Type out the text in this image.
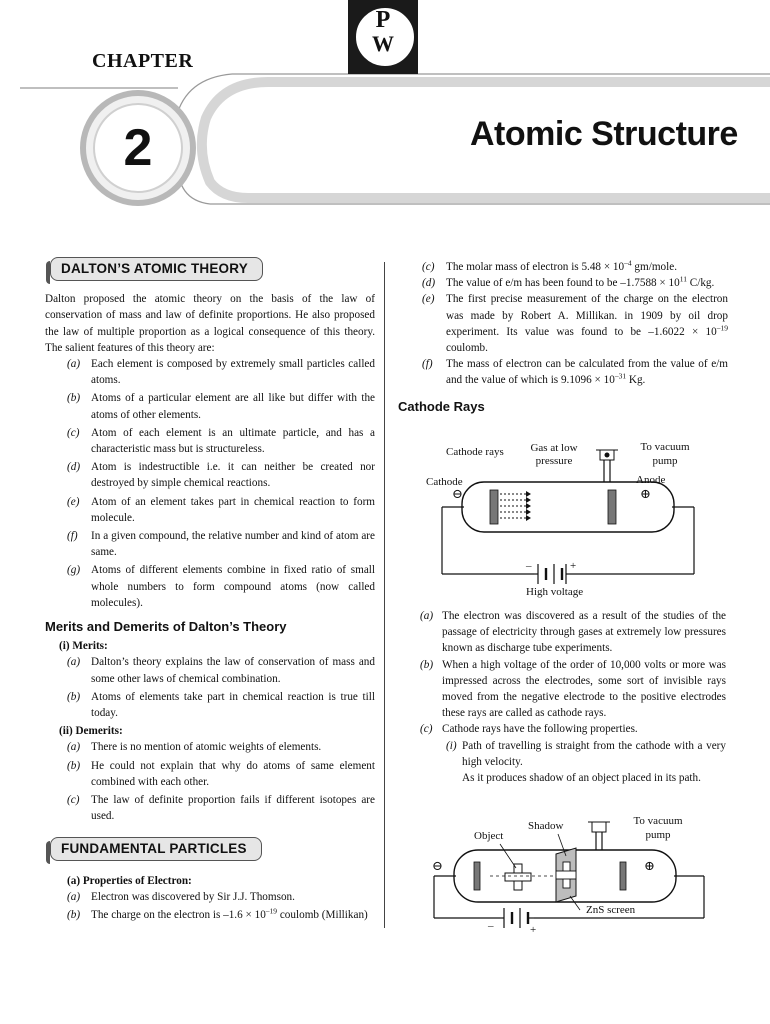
P
W
CHAPTER
2	Atomic Structure
DALTON’S ATOMIC THEORY

Dalton proposed the atomic theory on the basis of the law of conservation of mass and law of definite proportions. He also proposed the law of multiple proportion as a logical consequence of this theory. The salient features of this theory are:

(a) Each element is composed by extremely small particles called atoms.
(b) Atoms of a particular element are all like but differ with the atoms of other elements.
(c) Atom of each element is an ultimate particle, and has a characteristic mass but is structureless.
(d) Atom is indestructible i.e. it can neither be created nor destroyed by simple chemical reactions.
(e) Atom of an element takes part in chemical reaction to form molecule.
(f) In a given compound, the relative number and kind of atom are same.
(g) Atoms of different elements combine in fixed ratio of small whole numbers to form compound atoms (now called molecules).
Merits and Demerits of Dalton’s Theory
(i) Merits:
(a) Dalton’s theory explains the law of conservation of mass and some other laws of chemical combination.
(b) Atoms of elements take part in chemical reaction is true till today.
(ii) Demerits:
(a) There is no mention of atomic weights of elements.
(b) He could not explain that why do atoms of same element combined with each other.
(c) The law of definite proportion fails if different isotopes are used.
FUNDAMENTAL PARTICLES
(a) Properties of Electron:
(a) Electron was discovered by Sir J.J. Thomson.
(b) The charge on the electron is $-1.6 \times 10^{-19}$ coulomb (Millikan)
(c) The molar mass of electron is $5.48 \times 10^{-4}$ gm/mole.
(d) The value of e/m has been found to be $-1.7588 \times 10^{11}$ C/kg.
(e) The first precise measurement of the charge on the electron was made by Robert A. Millikan. in 1909 by oil drop experiment. Its value was found to be $-1.6022 \times 10^{-19}$ coulomb.
(f) The mass of electron can be calculated from the value of e/m and the value of which is $9.1096 \times 10^{-31}$ Kg.
Cathode Rays
Cathode rays	Gas at low pressure
To vacuum pump
Cathode	Anode
⊖	⊕
–	+
High voltage
(a) The electron was discovered as a result of the studies of the passage of electricity through gases at extremely low pressures known as discharge tube experiments.
(b) When a high voltage of the order of 10,000 volts or more was impressed across the electrodes, some sort of invisible rays moved from the negative electrode to the positive electrodes these rays are called as cathode rays.
(c) Cathode rays have the following properties.
(i) Path of travelling is straight from the cathode with a very high velocity.

As it produces shadow of an object placed in its path.

Shadow
Object
To vacuum pump
⊖	⊕
ZnS screen
–	+
